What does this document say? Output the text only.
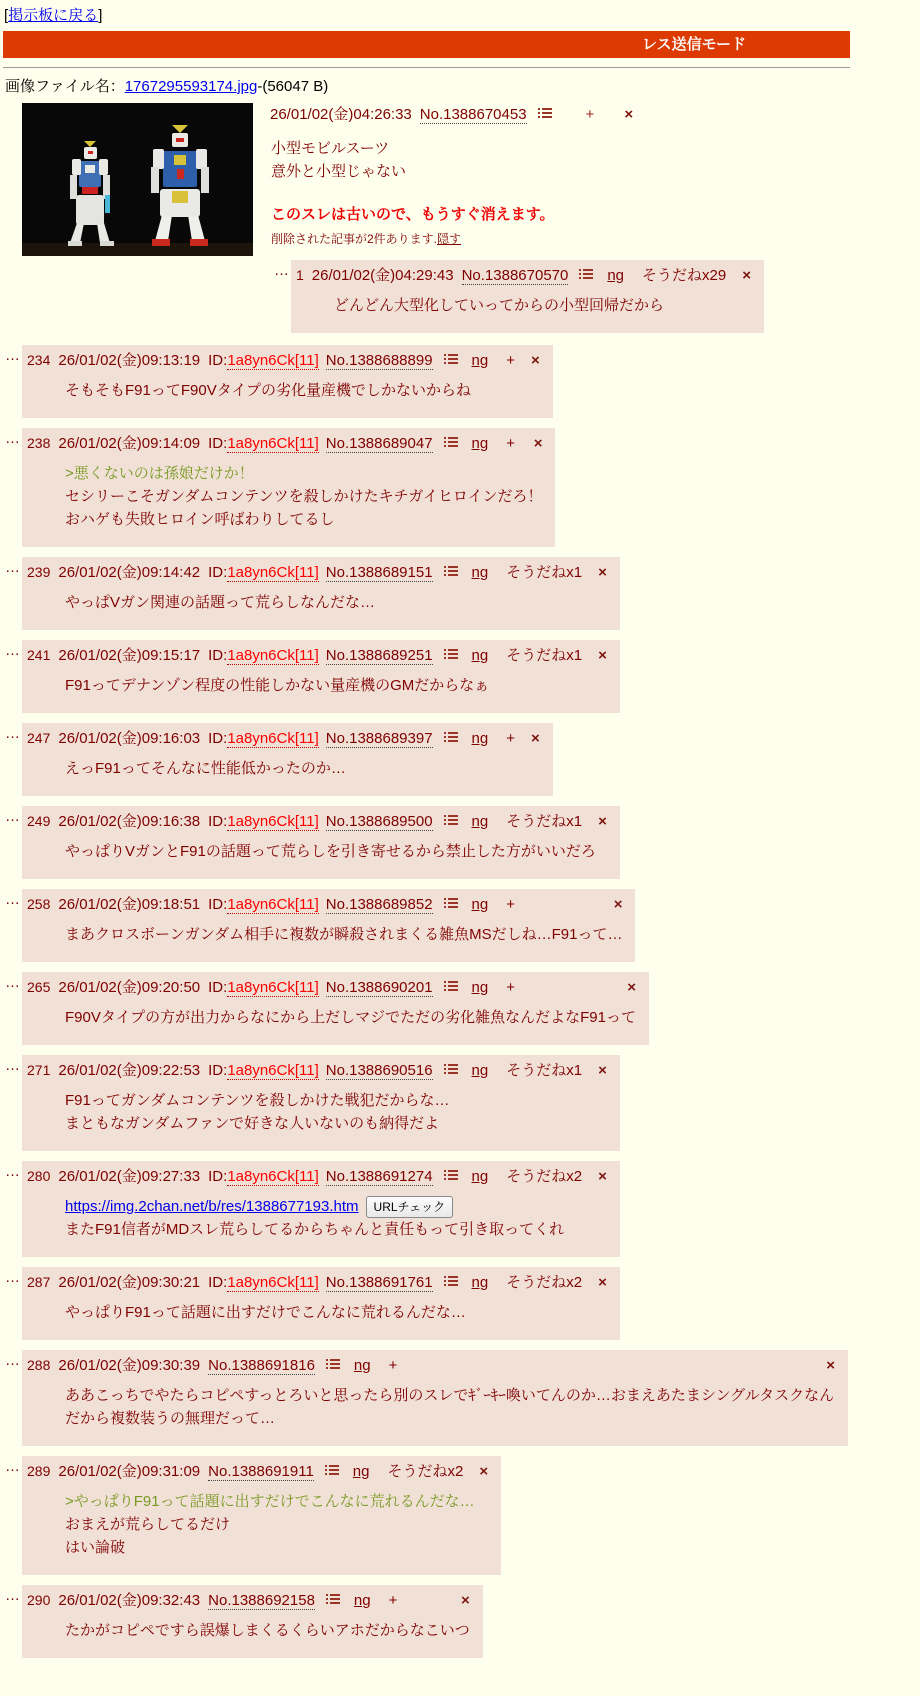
[掲示板に戻る]
レス送信モード
画像ファイル名：1767295593174.jpg-(56047 B)
26/01/02(金)04:26:33 No.1388670453	+ ×
小型モビルスーツ
意外と小型じゃない
このスレは古いので、もうすぐ消えます。
削除された記事が2件あります.隠す
… 1 26/01/02(金)04:29:43 No.1388670570	ng そうだねx29	×
どんどん大型化していってからの小型回帰だから
… 234 26/01/02(金)09:13:19 ID:1a8yn6Ck[11] No.1388688899	ng +	×
そもそもF91ってF90Vタイプの劣化量産機でしかないからね
… 238 26/01/02(金)09:14:09 ID:1a8yn6Ck[11] No.1388689047	ng +	×
>悪くないのは孫娘だけか！
セシリーこそガンダムコンテンツを殺しかけたキチガイヒロインだろ！
おハゲも失敗ヒロイン呼ばわりしてるし
… 239 26/01/02(金)09:14:42 ID:1a8yn6Ck[11] No.1388689151	ng そうだねx1	×
やっぱVガン関連の話題って荒らしなんだな…
… 241 26/01/02(金)09:15:17 ID:1a8yn6Ck[11] No.1388689251	ng そうだねx1	×
F91ってデナンゾン程度の性能しかない量産機のGMだからなぁ
… 247 26/01/02(金)09:16:03 ID:1a8yn6Ck[11] No.1388689397	ng +	×
えっF91ってそんなに性能低かったのか…
… 249 26/01/02(金)09:16:38 ID:1a8yn6Ck[11] No.1388689500	ng そうだねx1	×
やっぱりVガンとF91の話題って荒らしを引き寄せるから禁止した方がいいだろ
… 258 26/01/02(金)09:18:51 ID:1a8yn6Ck[11] No.1388689852	ng +	×
まあクロスボーンガンダム相手に複数が瞬殺されまくる雑魚MSだしね…F91って…
… 265 26/01/02(金)09:20:50 ID:1a8yn6Ck[11] No.1388690201	ng +	×
F90Vタイプの方が出力からなにから上だしマジでただの劣化雑魚なんだよなF91って
… 271 26/01/02(金)09:22:53 ID:1a8yn6Ck[11] No.1388690516	ng そうだねx1	×
F91ってガンダムコンテンツを殺しかけた戦犯だからな…
まともなガンダムファンで好きな人いないのも納得だよ
… 280 26/01/02(金)09:27:33 ID:1a8yn6Ck[11] No.1388691274	ng そうだねx2	×
https://img.2chan.net/b/res/1388677193.htm URLチェック
またF91信者がMDスレ荒らしてるからちゃんと責任もって引き取ってくれ
… 287 26/01/02(金)09:30:21 ID:1a8yn6Ck[11] No.1388691761	ng そうだねx2	×
やっぱりF91って話題に出すだけでこんなに荒れるんだな…
… 288 26/01/02(金)09:30:39 No.1388691816	ng +	×
ああこっちでやたらコピペすっとろいと思ったら別のスレでｷﾞｰｷｰ喚いてんのか…おまえあたまシングルタスクなんだから複数装うの無理だって…
… 289 26/01/02(金)09:31:09 No.1388691911	ng そうだねx2	×
>やっぱりF91って話題に出すだけでこんなに荒れるんだな…
おまえが荒らしてるだけ
はい論破
… 290 26/01/02(金)09:32:43 No.1388692158	ng +	×
たかがコピペですら誤爆しまくるくらいアホだからなこいつ
